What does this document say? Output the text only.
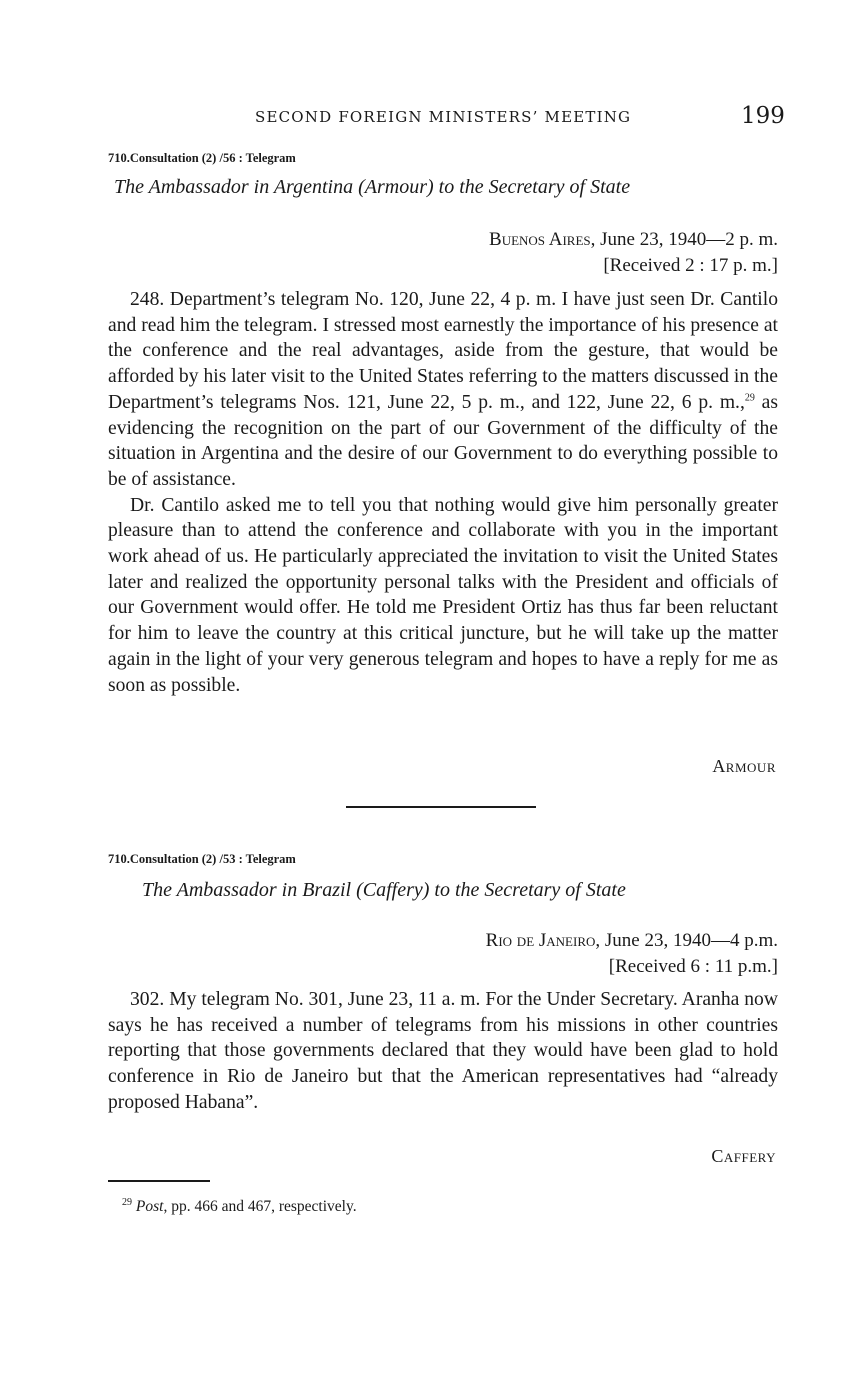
SECOND FOREIGN MINISTERS’ MEETING	199
710.Consultation (2) /56 : Telegram
The Ambassador in Argentina (Armour) to the Secretary of State
Buenos Aires, June 23, 1940—2 p. m.
[Received 2 : 17 p. m.]

248. Department’s telegram No. 120, June 22, 4 p. m. I have just seen Dr. Cantilo and read him the telegram. I stressed most earnestly the importance of his presence at the conference and the real advantages, aside from the gesture, that would be afforded by his later visit to the United States referring to the matters discussed in the Department’s telegrams Nos. 121, June 22, 5 p. m., and 122, June 22, 6 p. m.,$^{29}$ as evidencing the recognition on the part of our Government of the difficulty of the situation in Argentina and the desire of our Government to do everything possible to be of assistance.

Dr. Cantilo asked me to tell you that nothing would give him personally greater pleasure than to attend the conference and collaborate with you in the important work ahead of us. He particularly appreciated the invitation to visit the United States later and realized the opportunity personal talks with the President and officials of our Government would offer. He told me President Ortiz has thus far been reluctant for him to leave the country at this critical juncture, but he will take up the matter again in the light of your very generous telegram and hopes to have a reply for me as soon as possible.

Armour
710.Consultation (2) /53 : Telegram
The Ambassador in Brazil (Caffery) to the Secretary of State
Rio de Janeiro, June 23, 1940—4 p.m.
[Received 6 : 11 p.m.]

302. My telegram No. 301, June 23, 11 a. m. For the Under Secretary. Aranha now says he has received a number of telegrams from his missions in other countries reporting that those governments declared that they would have been glad to hold conference in Rio de Janeiro but that the American representatives had “already proposed Habana”.

Caffery
$^{29}$ Post, pp. 466 and 467, respectively.
